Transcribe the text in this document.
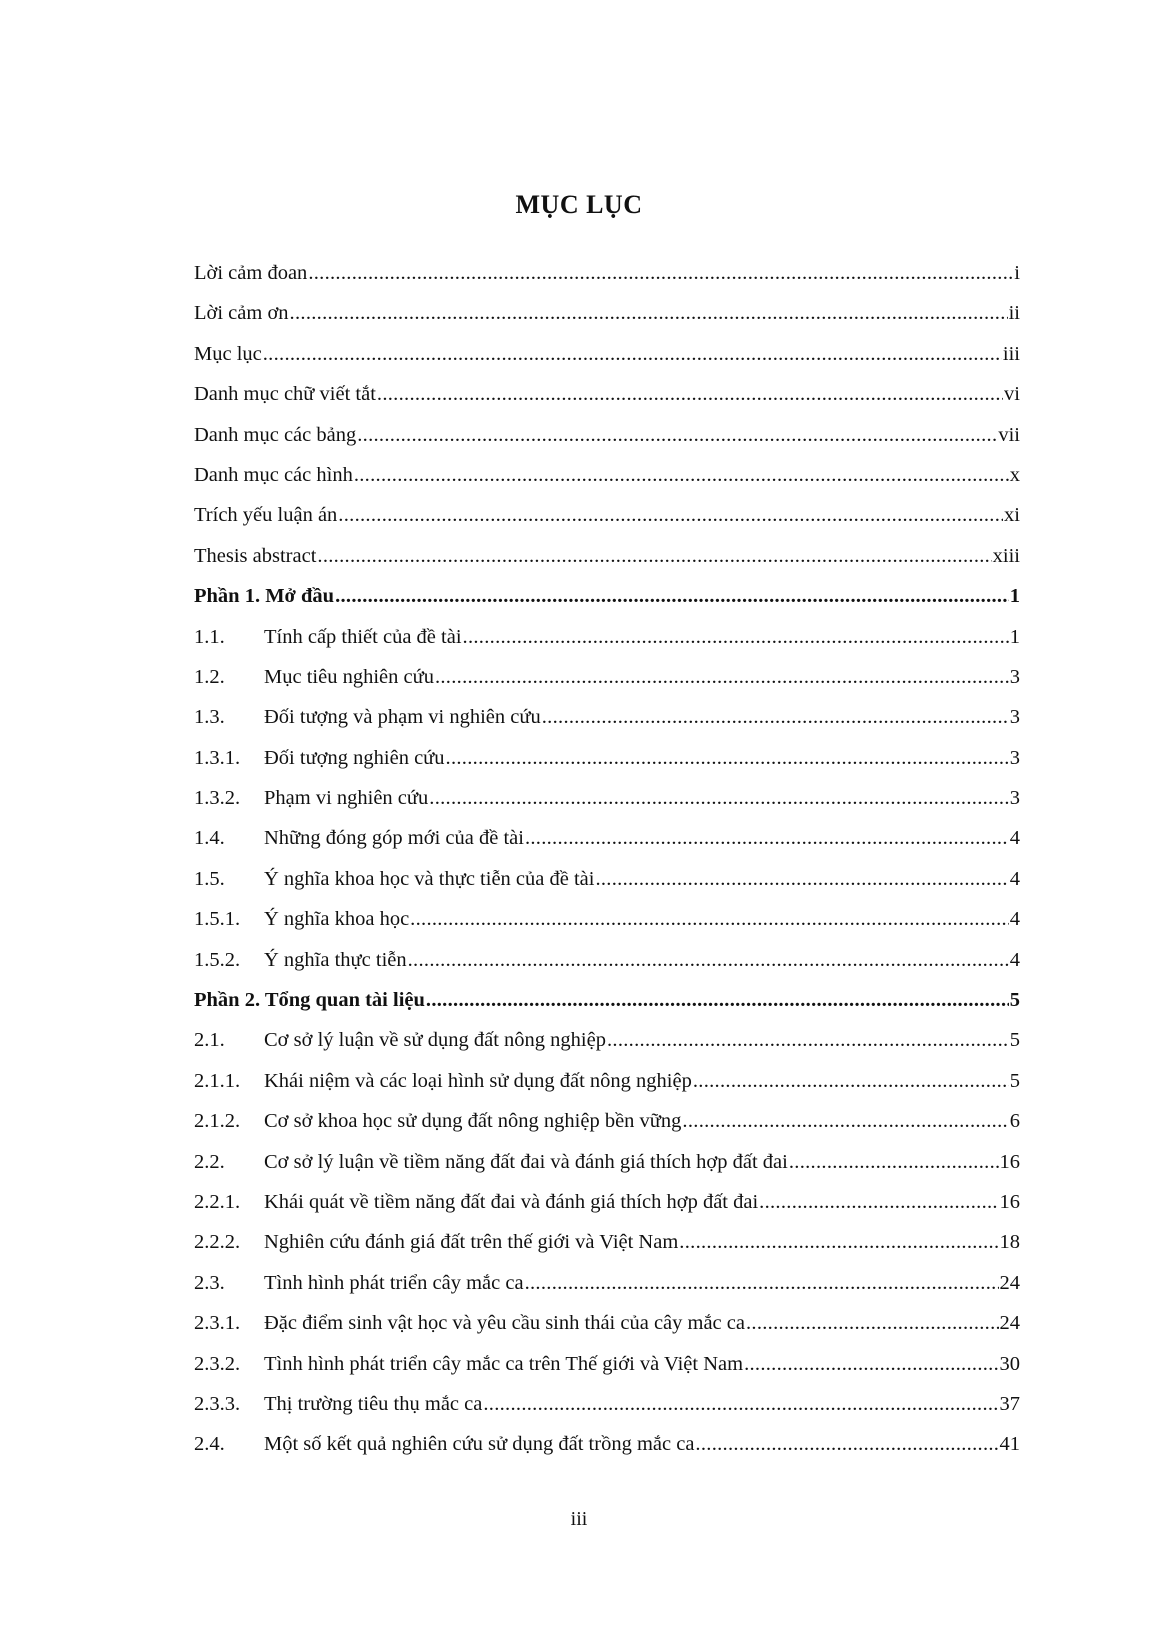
MỤC LỤC
Lời cảm đoan .....	i
Lời cảm ơn .....	ii
Mục lục .....	iii
Danh mục chữ viết tắt .....	vi
Danh mục các bảng .....	vii
Danh mục các hình .....	x
Trích yếu luận án .....	xi
Thesis abstract .....	xiii
Phần 1. Mở đầu .....	1
1.1.	Tính cấp thiết của đề tài .....	1
1.2.	Mục tiêu nghiên cứu .....	3
1.3.	Đối tượng và phạm vi nghiên cứu .....	3
1.3.1.	Đối tượng nghiên cứu .....	3
1.3.2.	Phạm vi nghiên cứu .....	3
1.4.	Những đóng góp mới của đề tài .....	4
1.5.	Ý nghĩa khoa học và thực tiễn của đề tài .....	4
1.5.1.	Ý nghĩa khoa học .....	4
1.5.2.	Ý nghĩa thực tiễn .....	4
Phần 2. Tổng quan tài liệu .....	5
2.1.	Cơ sở lý luận về sử dụng đất nông nghiệp .....	5
2.1.1.	Khái niệm và các loại hình sử dụng đất nông nghiệp .....	5
2.1.2.	Cơ sở khoa học sử dụng đất nông nghiệp bền vững .....	6
2.2.	Cơ sở lý luận về tiềm năng đất đai và đánh giá thích hợp đất đai .....	16
2.2.1.	Khái quát về tiềm năng đất đai và đánh giá thích hợp đất đai .....	16
2.2.2.	Nghiên cứu đánh giá đất trên thế giới và Việt Nam .....	18
2.3.	Tình hình phát triển cây mắc ca .....	24
2.3.1.	Đặc điểm sinh vật học và yêu cầu sinh thái của cây mắc ca .....	24
2.3.2.	Tình hình phát triển cây mắc ca trên Thế giới và Việt Nam .....	30
2.3.3.	Thị trường tiêu thụ mắc ca .....	37
2.4.	Một số kết quả nghiên cứu sử dụng đất trồng mắc ca .....	41
iii
